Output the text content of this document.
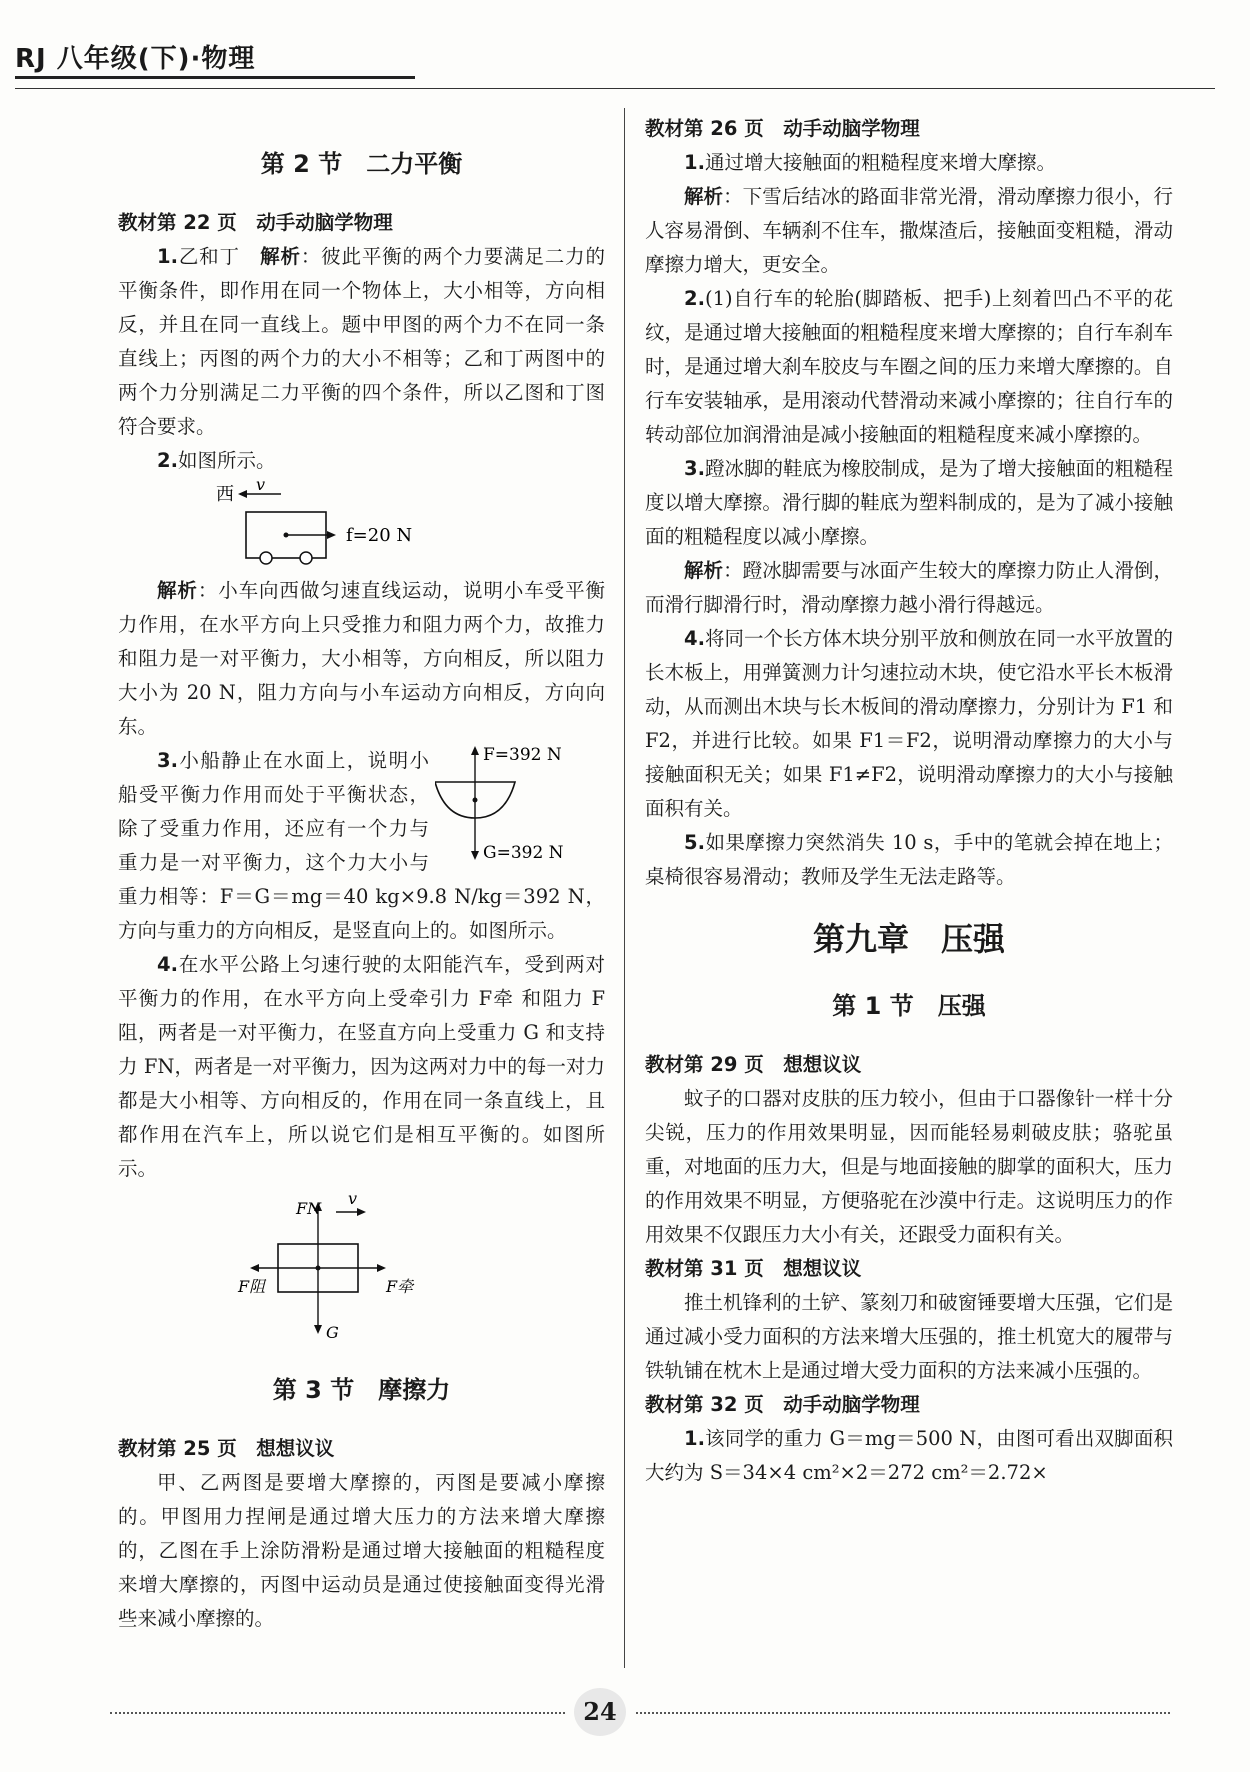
RJ 八年级(下)·物理
第 2 节　二力平衡

教材第 22 页　动手动脑学物理

1.乙和丁　 解析：彼此平衡的两个力要满足二力的平衡条件，即作用在同一个物体上，大小相等，方向相反，并且在同一直线上。题中甲图的两个力不在同一条直线上；丙图的两个力的大小不相等；乙和丁两图中的两个力分别满足二力平衡的四个条件，所以乙图和丁图符合要求。

2.如图所示。

西 v
f=20 N

解析：小车向西做匀速直线运动，说明小车受平衡力作用，在水平方向上只受推力和阻力两个力，故推力和阻力是一对平衡力，大小相等，方向相反，所以阻力大小为 20 N，阻力方向与小车运动方向相反，方向向东。

F=392 N
G=392 N

3.小船静止在水面上，说明小船受平衡力作用而处于平衡状态，除了受重力作用，还应有一个力与重力是一对平衡力，这个力大小与重力相等：F＝G＝mg＝40 kg×9.8 N/kg＝392 N，方向与重力的方向相反，是竖直向上的。如图所示。

4.在水平公路上匀速行驶的太阳能汽车，受到两对平衡力的作用，在水平方向上受牵引力 F牵 和阻力 F阻，两者是一对平衡力，在竖直方向上受重力 G 和支持力 FN，两者是一对平衡力，因为这两对力中的每一对力都是大小相等、方向相反的，作用在同一条直线上，且都作用在汽车上，所以说它们是相互平衡的。如图所示。

FN
v
F阻	F牵
G
第 3 节　摩擦力

教材第 25 页　想想议议

甲、乙两图是要增大摩擦的，丙图是要减小摩擦的。甲图用力捏闸是通过增大压力的方法来增大摩擦的，乙图在手上涂防滑粉是通过增大接触面的粗糙程度来增大摩擦的，丙图中运动员是通过使接触面变得光滑些来减小摩擦的。

教材第 26 页　动手动脑学物理

1.通过增大接触面的粗糙程度来增大摩擦。

解析：下雪后结冰的路面非常光滑，滑动摩擦力很小，行人容易滑倒、车辆刹不住车，撒煤渣后，接触面变粗糙，滑动摩擦力增大，更安全。

2.(1)自行车的轮胎(脚踏板、把手)上刻着凹凸不平的花纹，是通过增大接触面的粗糙程度来增大摩擦的；自行车刹车时，是通过增大刹车胶皮与车圈之间的压力来增大摩擦的。自行车安装轴承，是用滚动代替滑动来减小摩擦的；往自行车的转动部位加润滑油是减小接触面的粗糙程度来减小摩擦的。

3.蹬冰脚的鞋底为橡胶制成，是为了增大接触面的粗糙程度以增大摩擦。滑行脚的鞋底为塑料制成的，是为了减小接触面的粗糙程度以减小摩擦。

解析：蹬冰脚需要与冰面产生较大的摩擦力防止人滑倒，而滑行脚滑行时，滑动摩擦力越小滑行得越远。

4.将同一个长方体木块分别平放和侧放在同一水平放置的长木板上，用弹簧测力计匀速拉动木块，使它沿水平长木板滑动，从而测出木块与长木板间的滑动摩擦力，分别计为 F1 和 F2，并进行比较。如果 F1＝F2，说明滑动摩擦力的大小与接触面积无关；如果 F1≠F2，说明滑动摩擦力的大小与接触面积有关。

5.如果摩擦力突然消失 10 s，手中的笔就会掉在地上；桌椅很容易滑动；教师及学生无法走路等。

第九章　压强
第 1 节　压强

教材第 29 页　想想议议

蚊子的口器对皮肤的压力较小，但由于口器像针一样十分尖锐，压力的作用效果明显，因而能轻易刺破皮肤；骆驼虽重，对地面的压力大，但是与地面接触的脚掌的面积大，压力的作用效果不明显，方便骆驼在沙漠中行走。这说明压力的作用效果不仅跟压力大小有关，还跟受力面积有关。

教材第 31 页　想想议议

推土机锋利的土铲、篆刻刀和破窗锤要增大压强，它们是通过减小受力面积的方法来增大压强的，推土机宽大的履带与铁轨铺在枕木上是通过增大受力面积的方法来减小压强的。

教材第 32 页　动手动脑学物理

1.该同学的重力 G＝mg＝500 N，由图可看出双脚面积大约为 S＝34×4 cm²×2＝272 cm²＝2.72×

24
